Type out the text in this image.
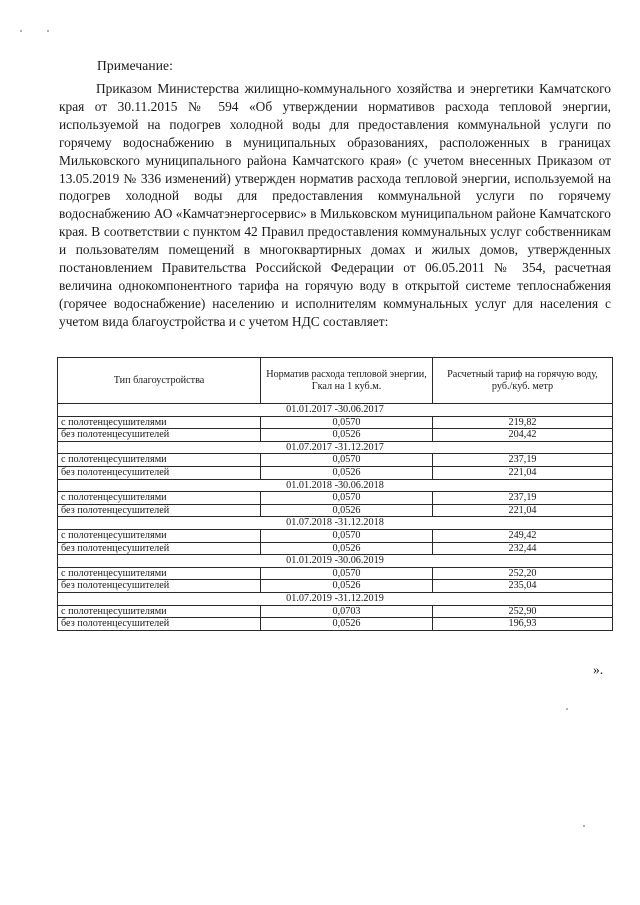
Примечание:
Приказом Министерства жилищно-коммунального хозяйства и энергетики Камчатского края от 30.11.2015 № 594 «Об утверждении нормативов расхода тепловой энергии, используемой на подогрев холодной воды для предоставления коммунальной услуги по горячему водоснабжению в муниципальных образованиях, расположенных в границах Мильковского муниципального района Камчатского края» (с учетом внесенных Приказом от 13.05.2019 № 336 изменений) утвержден норматив расхода тепловой энергии, используемой на подогрев холодной воды для предоставления коммунальной услуги по горячему водоснабжению АО «Камчатэнергосервис» в Мильковском муниципальном районе Камчатского края. В соответствии с пунктом 42 Правил предоставления коммунальных услуг собственникам и пользователям помещений в многоквартирных домах и жилых домов, утвержденных постановлением Правительства Российской Федерации от 06.05.2011 № 354, расчетная величина однокомпонентного тарифа на горячую воду в открытой системе теплоснабжения (горячее водоснабжение) населению и исполнителям коммунальных услуг для населения с учетом вида благоустройства и с учетом НДС составляет:
Тип благоустройства	Норматив расхода тепловой энергии, Гкал на 1 куб.м.	Расчетный тариф на горячую воду, руб./куб. метр
01.01.2017 -30.06.2017		
с полотенцесушителями	0,0570	219,82
без полотенцесушителей	0,0526	204,42
01.07.2017 -31.12.2017		
с полотенцесушителями	0,0570	237,19
без полотенцесушителей	0,0526	221,04
01.01.2018 -30.06.2018		
с полотенцесушителями	0,0570	237,19
без полотенцесушителей	0,0526	221,04
01.07.2018 -31.12.2018		
с полотенцесушителями	0,0570	249,42
без полотенцесушителей	0,0526	232,44
01.01.2019 -30.06.2019		
с полотенцесушителями	0,0570	252,20
без полотенцесушителей	0,0526	235,04
01.07.2019 -31.12.2019		
с полотенцесушителями	0,0703	252,90
без полотенцесушителей	0,0526	196,93
».
